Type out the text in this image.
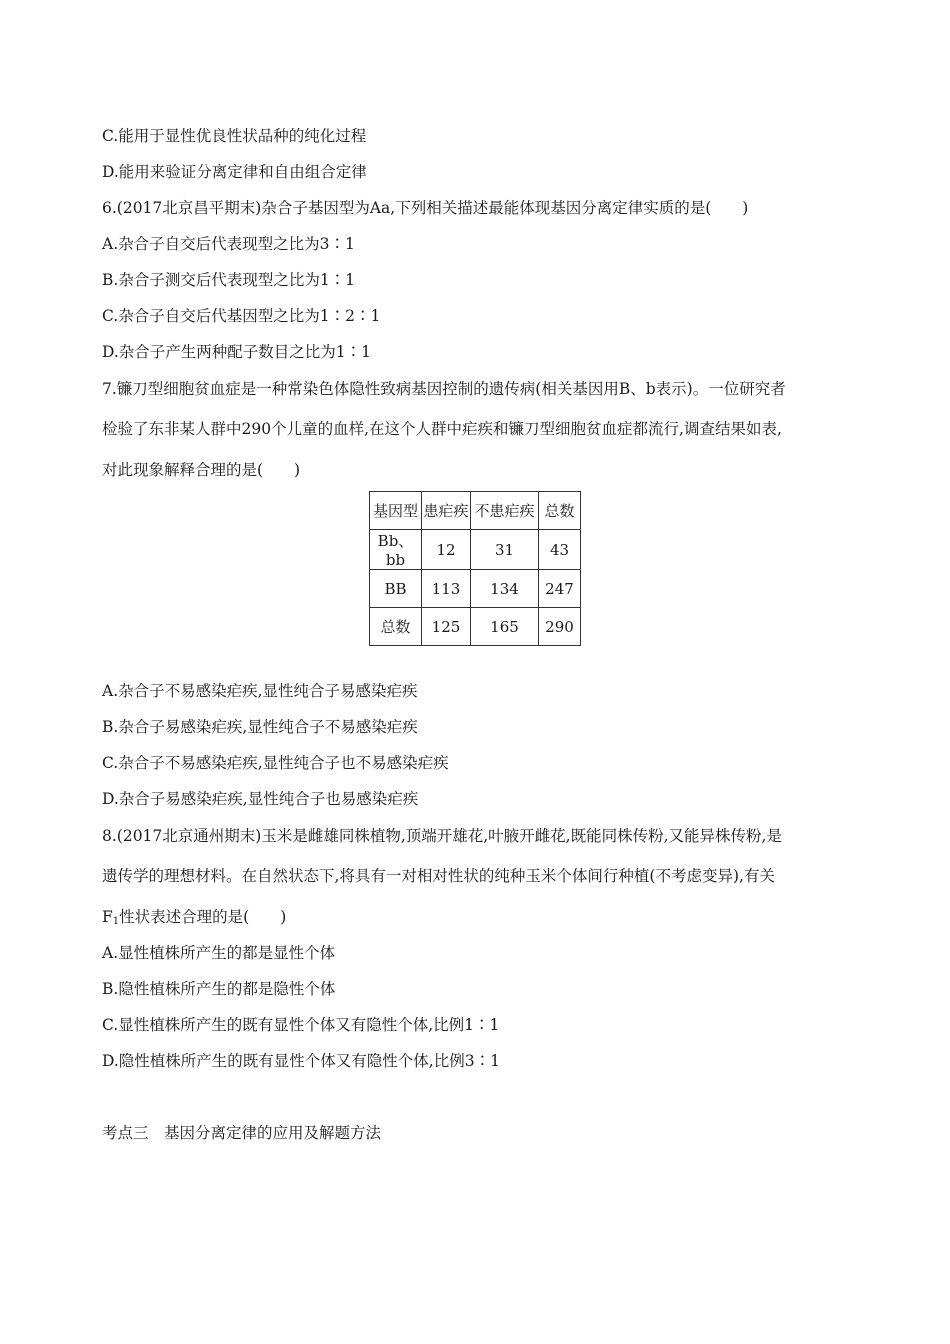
C.能用于显性优良性状品种的纯化过程
D.能用来验证分离定律和自由组合定律
6.(2017北京昌平期末)杂合子基因型为Aa,下列相关描述最能体现基因分离定律实质的是(　　)
A.杂合子自交后代表现型之比为3∶1
B.杂合子测交后代表现型之比为1∶1
C.杂合子自交后代基因型之比为1∶2∶1
D.杂合子产生两种配子数目之比为1∶1
7.镰刀型细胞贫血症是一种常染色体隐性致病基因控制的遗传病(相关基因用B、b表示)。一位研究者
检验了东非某人群中290个儿童的血样,在这个人群中疟疾和镰刀型细胞贫血症都流行,调查结果如表,
对此现象解释合理的是(　　)
基因型	患疟疾	不患疟疾	总数
Bb、bb	12	31	43
BB	113	134	247
总数	125	165	290
A.杂合子不易感染疟疾,显性纯合子易感染疟疾
B.杂合子易感染疟疾,显性纯合子不易感染疟疾
C.杂合子不易感染疟疾,显性纯合子也不易感染疟疾
D.杂合子易感染疟疾,显性纯合子也易感染疟疾
8.(2017北京通州期末)玉米是雌雄同株植物,顶端开雄花,叶腋开雌花,既能同株传粉,又能异株传粉,是
遗传学的理想材料。在自然状态下,将具有一对相对性状的纯种玉米个体间行种植(不考虑变异),有关
$F_1$性状表述合理的是(　　)
A.显性植株所产生的都是显性个体
B.隐性植株所产生的都是隐性个体
C.显性植株所产生的既有显性个体又有隐性个体,比例1∶1
D.隐性植株所产生的既有显性个体又有隐性个体,比例3∶1
考点三　基因分离定律的应用及解题方法
